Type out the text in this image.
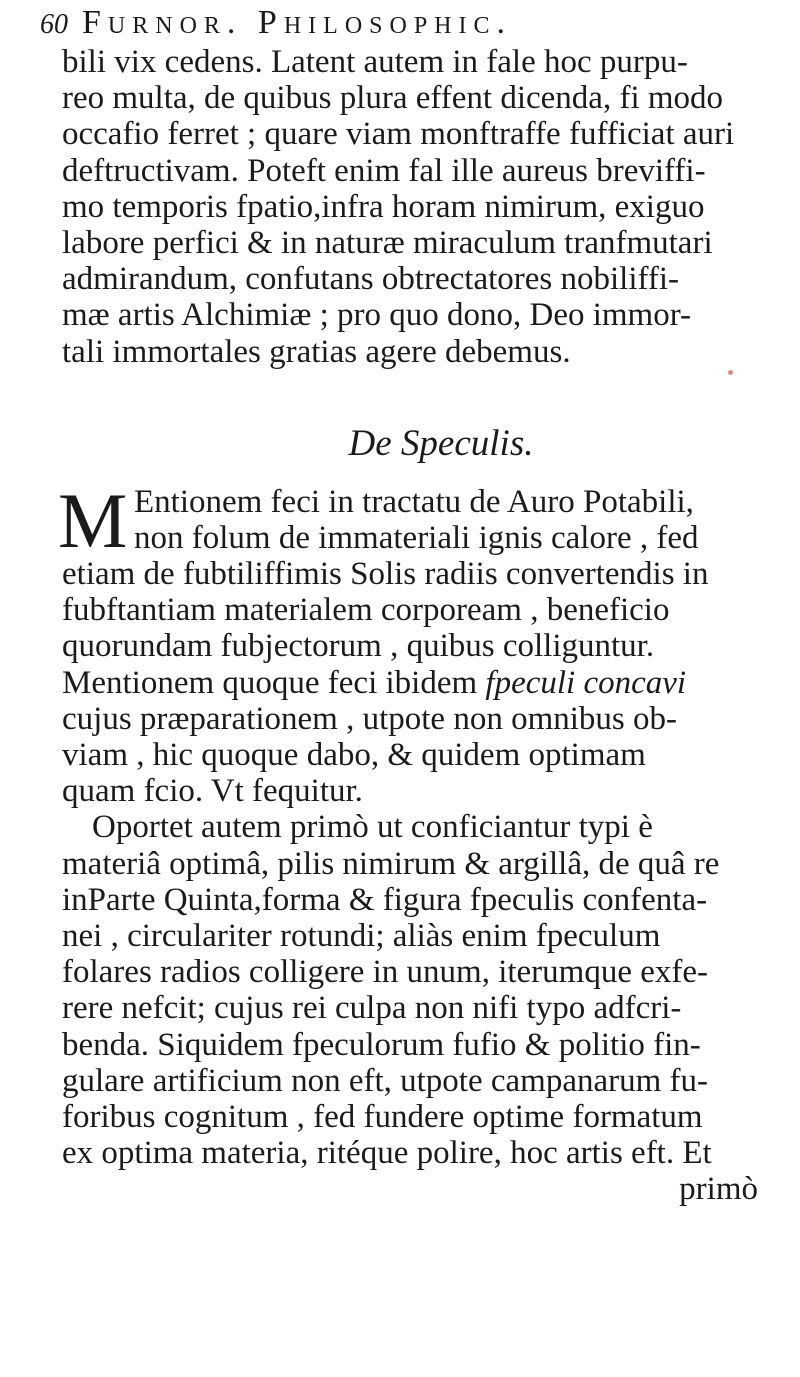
60 Furnor. Philosophic.
bili vix cedens. Latent autem in fale hoc purpu-
reo multa, de quibus plura effent dicenda, fi modo
occafio ferret ; quare viam monftraffe fufficiat auri
deftructivam. Poteft enim fal ille aureus breviffi-
mo temporis fpatio,infra horam nimirum, exiguo
labore perfici & in naturæ miraculum tranfmutari
admirandum, confutans obtrectatores nobiliffi-
mæ artis Alchimiæ ; pro quo dono, Deo immor-
tali immortales gratias agere debemus.
De Speculis.
M Entionem feci in tractatu de Auro Potabili,
non folum de immateriali ignis calore , fed
etiam de fubtiliffimis Solis radiis convertendis in
fubftantiam materialem corpoream , beneficio
quorundam fubjectorum , quibus colliguntur.
Mentionem quoque feci ibidem fpeculi concavi
cujus præparationem , utpote non omnibus ob-
viam , hic quoque dabo, & quidem optimam
quam fcio. Vt fequitur.
Oportet autem primò ut conficiantur typi è
materiâ optimâ, pilis nimirum & argillâ, de quâ re
inParte Quinta,forma & figura fpeculis confenta-
nei , circulariter rotundi; aliàs enim fpeculum
folares radios colligere in unum, iterumque exfe-
rere nefcit; cujus rei culpa non nifi typo adfcri-
benda. Siquidem fpeculorum fufio & politio fin-
gulare artificium non eft, utpote campanarum fu-
foribus cognitum , fed fundere optime formatum
ex optima materia, ritéque polire, hoc artis eft. Et
primò
